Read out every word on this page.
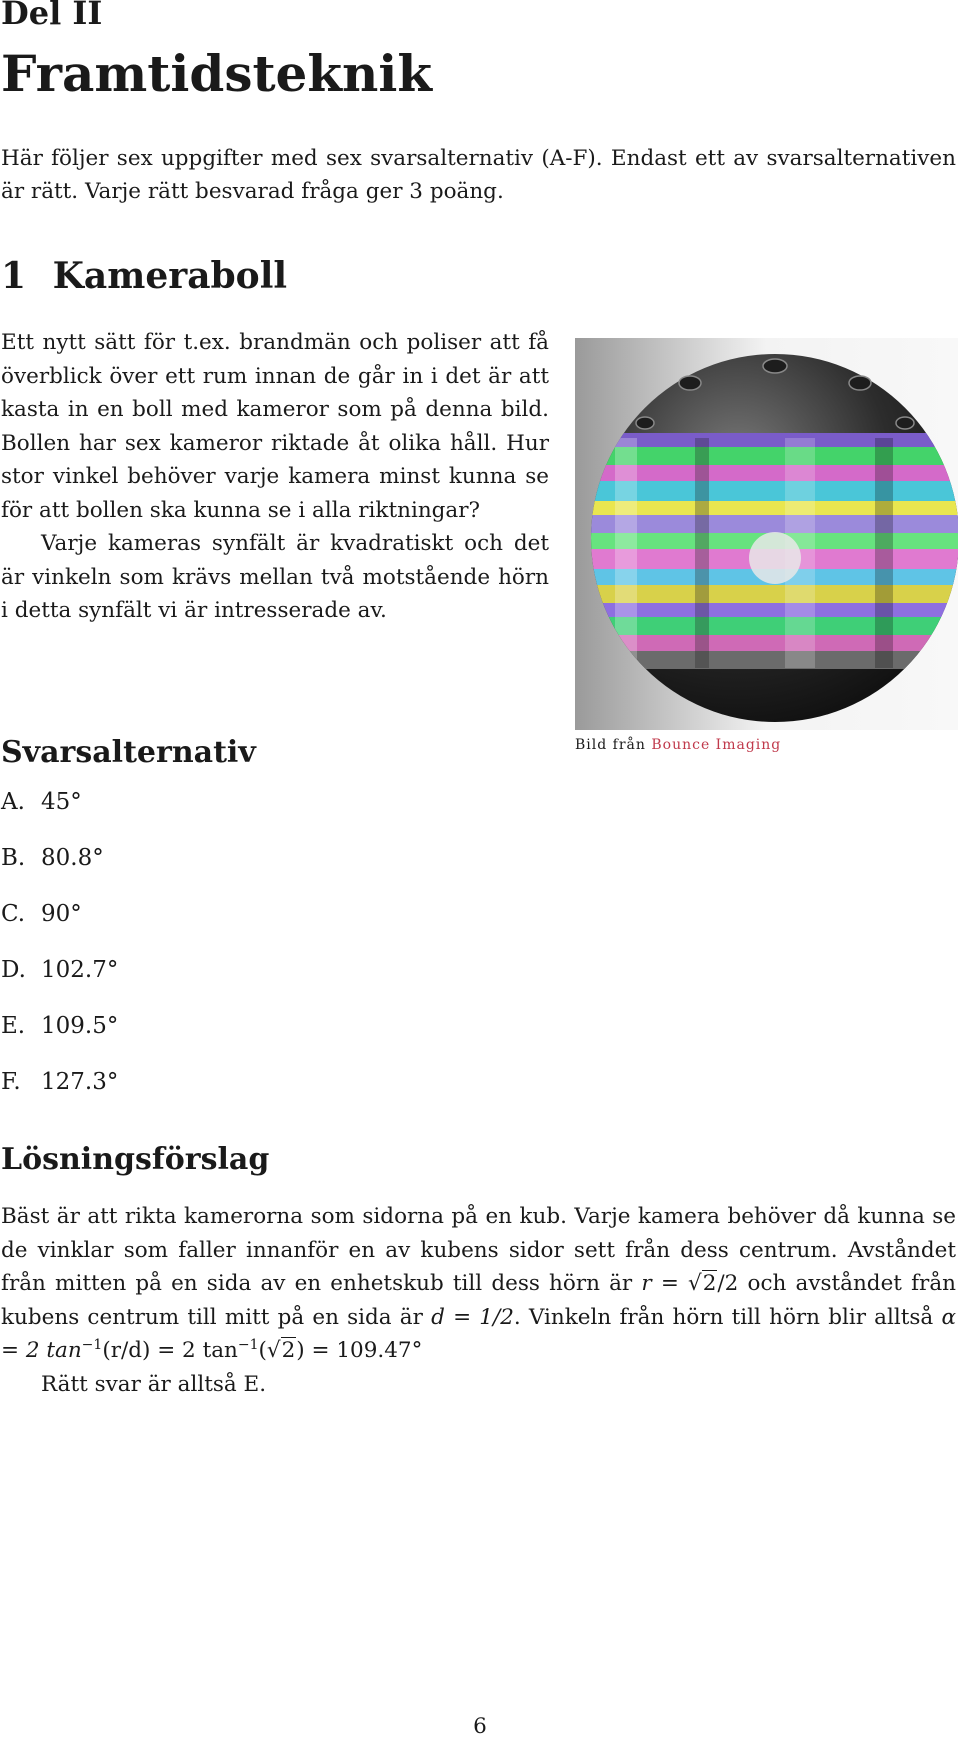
Del II
Framtidsteknik
Här följer sex uppgifter med sex svarsalternativ (A-F). Endast ett av svarsalternativen är rätt. Varje rätt besvarad fråga ger 3 poäng.
1 Kameraboll

Ett nytt sätt för t.ex. brandmän och poliser att få överblick över ett rum innan de går in i det är att kasta in en boll med kameror som på denna bild. Bollen har sex kameror riktade åt olika håll. Hur stor vinkel behöver varje kamera minst kunna se för att bollen ska kunna se i alla riktningar?

Varje kameras synfält är kvadratiskt och det är vinkeln som krävs mellan två motstående hörn i detta synfält vi är intresserade av.

Bild från Bounce Imaging
Svarsalternativ
A. 45°
B. 80.8°
C. 90°
D. 102.7°
E. 109.5°
F. 127.3°
Lösningsförslag

Bäst är att rikta kamerorna som sidorna på en kub. Varje kamera behöver då kunna se de vinklar som faller innanför en av kubens sidor sett från dess centrum. Avståndet från mitten på en sida av en enhetskub till dess hörn är r = √2/2 och avståndet från kubens centrum till mitt på en sida är d = 1/2. Vinkeln från hörn till hörn blir alltså α = 2 $\tan^{-1}(r/d) = 2$ $\tan^{-1}(√2) = 109.47^\circ$

Rätt svar är alltså E.

6
